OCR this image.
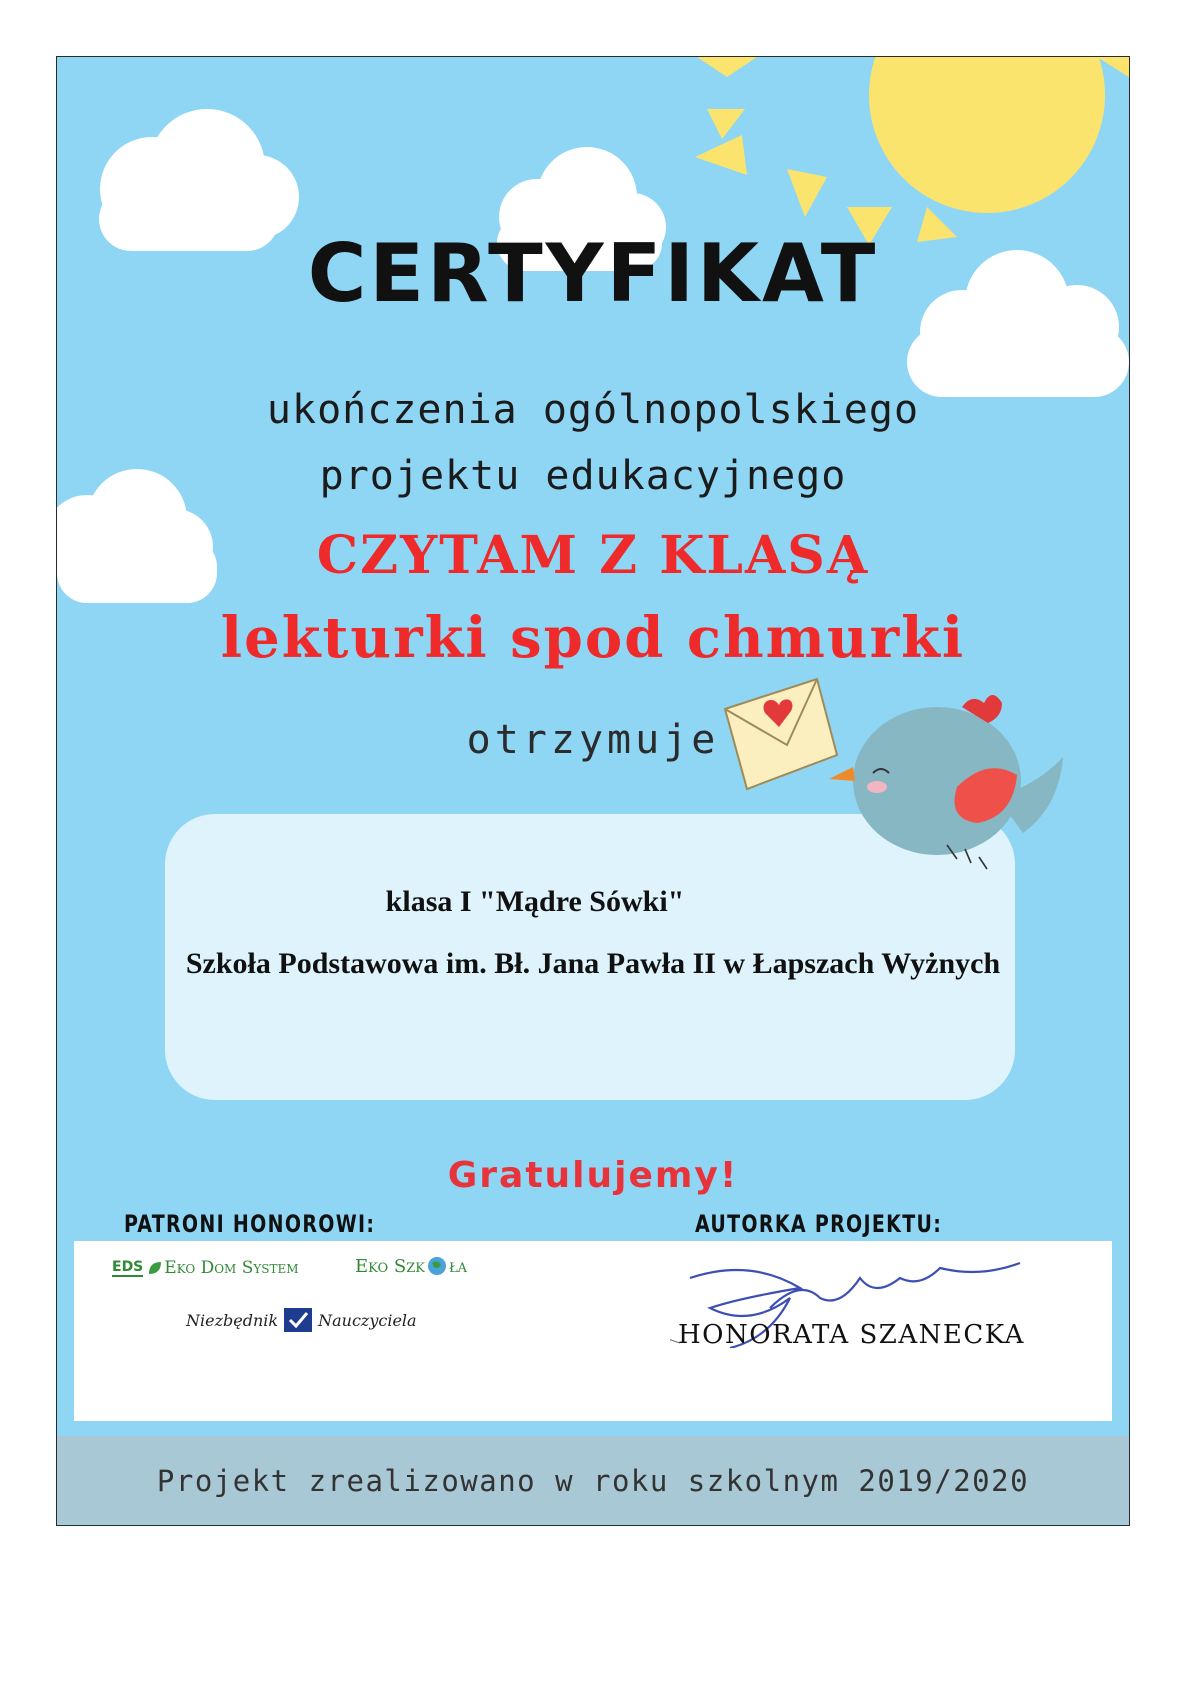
CERTYFIKAT
ukończenia ogólnopolskiego
projektu edukacyjnego
CZYTAM Z KLASĄ
lekturki spod chmurki
otrzymuje
klasa I "Mądre Sówki"
Szkoła Podstawowa im. Bł. Jana Pawła II w Łapszach Wyżnych
Gratulujemy!
PATRONI HONOROWI:	AUTORKA PROJEKTU:
EDS Eko Dom System	Eko Szk ła
Niezbędnik	Nauczyciela	HONORATA SZANECKA
Projekt zrealizowano w roku szkolnym 2019/2020
